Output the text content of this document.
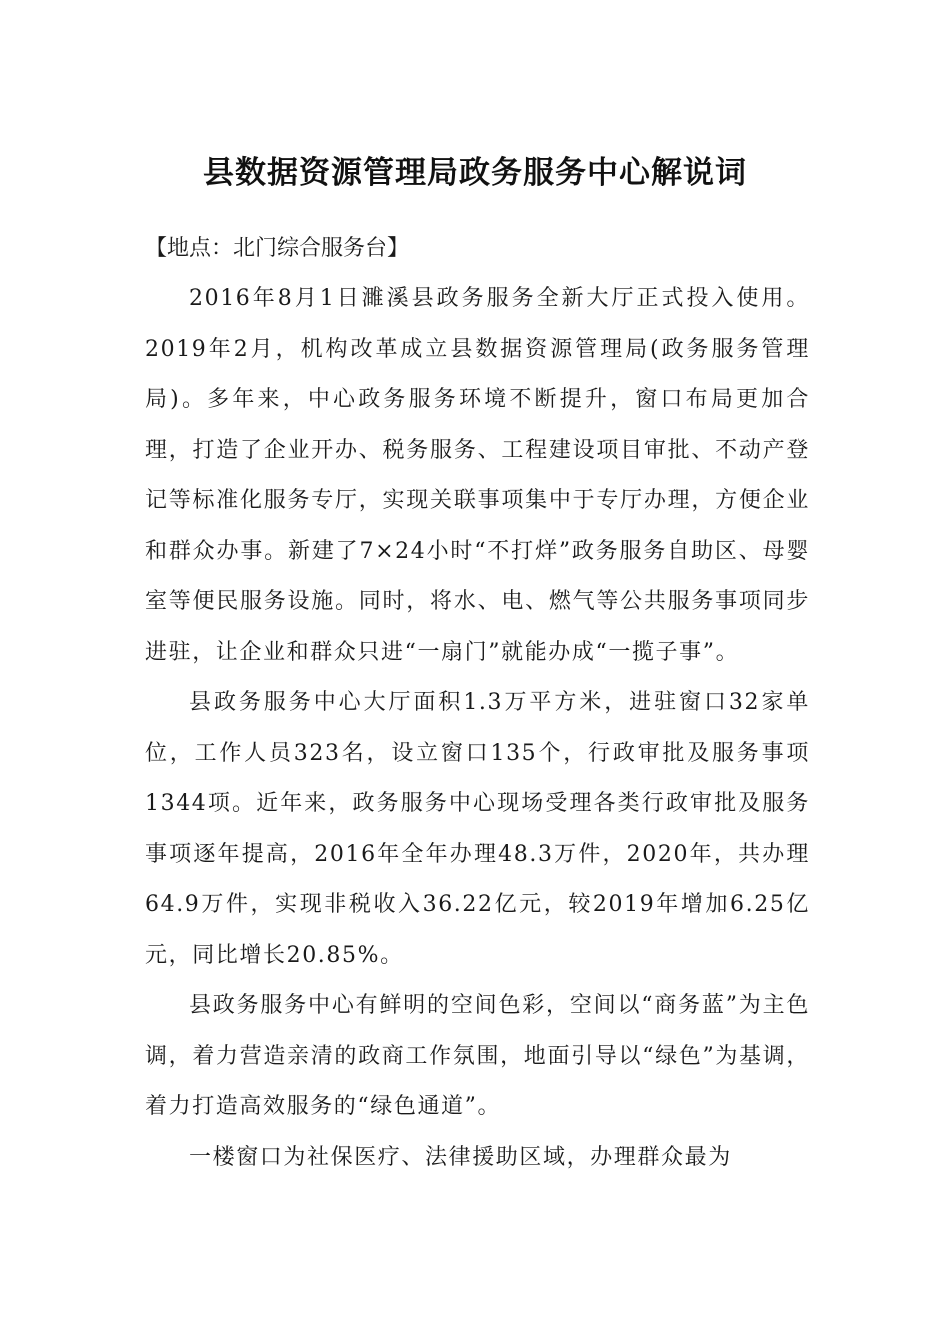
县数据资源管理局政务服务中心解说词

【地点：北门综合服务台】

2016年8月1日濉溪县政务服务全新大厅正式投入使用。2019年2月，机构改革成立县数据资源管理局(政务服务管理局)。多年来，中心政务服务环境不断提升，窗口布局更加合理，打造了企业开办、税务服务、工程建设项目审批、不动产登记等标准化服务专厅，实现关联事项集中于专厅办理，方便企业和群众办事。新建了7×24小时“不打烊”政务服务自助区、母婴室等便民服务设施。同时，将水、电、燃气等公共服务事项同步进驻，让企业和群众只进“一扇门”就能办成“一揽子事”。

县政务服务中心大厅面积1.3万平方米，进驻窗口32家单位，工作人员323名，设立窗口135个，行政审批及服务事项1344项。近年来，政务服务中心现场受理各类行政审批及服务事项逐年提高，2016年全年办理48.3万件，2020年，共办理64.9万件，实现非税收入36.22亿元，较2019年增加6.25亿元，同比增长20.85%。

县政务服务中心有鲜明的空间色彩，空间以“商务蓝”为主色调，着力营造亲清的政商工作氛围，地面引导以“绿色”为基调，着力打造高效服务的“绿色通道”。

一楼窗口为社保医疗、法律援助区域，办理群众最为
